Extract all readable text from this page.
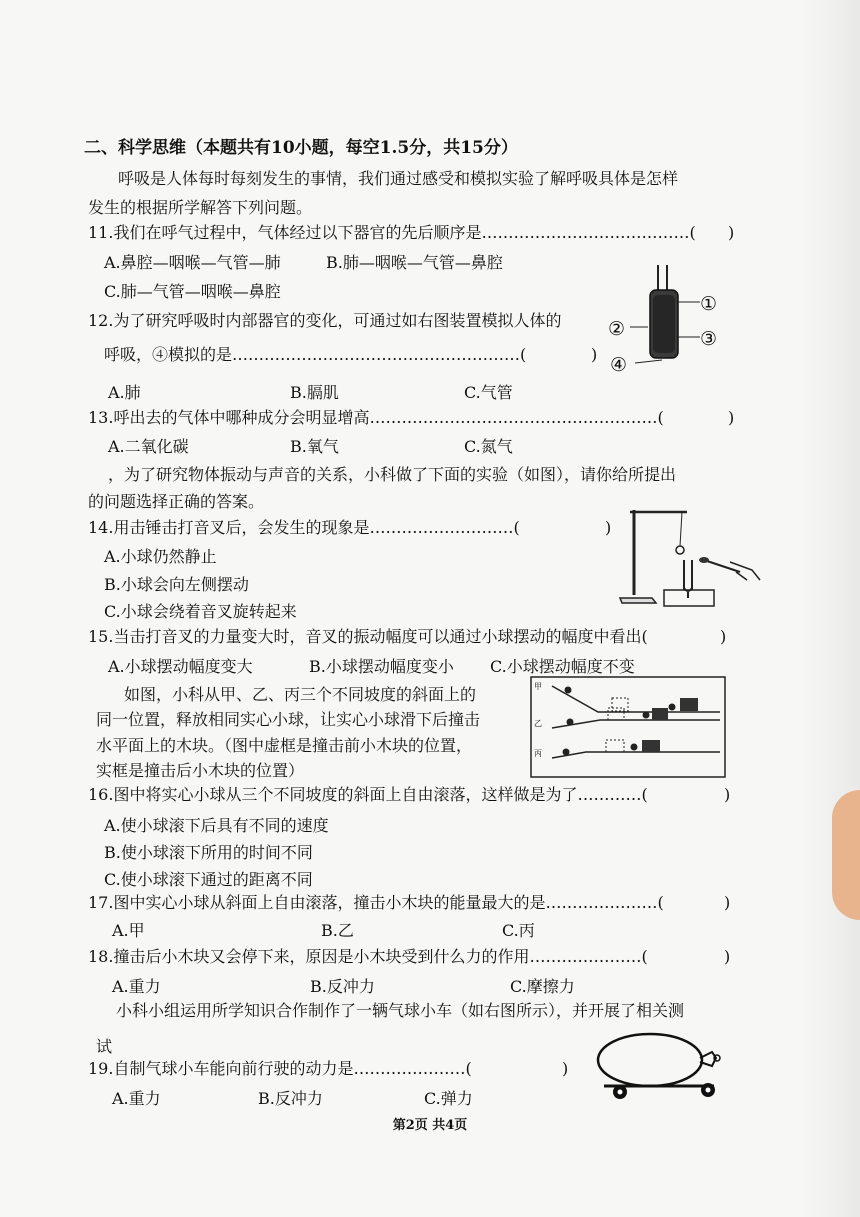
二、科学思维（本题共有10小题，每空1.5分，共15分）
呼吸是人体每时每刻发生的事情，我们通过感受和模拟实验了解呼吸具体是怎样
发生的根据所学解答下列问题。
11.我们在呼气过程中，气体经过以下器官的先后顺序是…………………………………( )
A.鼻腔—咽喉—气管—肺	B.肺—咽喉—气管—鼻腔
C.肺—气管—咽喉—鼻腔
12.为了研究呼吸时内部器官的变化，可通过如右图装置模拟人体的
呼吸，④模拟的是………………………………………………(	)
A.肺	B.膈肌	C.气管
①
②	③
④
13.呼出去的气体中哪种成分会明显增高………………………………………………(	)
A.二氧化碳	B.氧气	C.氮气
，为了研究物体振动与声音的关系，小科做了下面的实验（如图），请你给所提出
的问题选择正确的答案。
14.用击锤击打音叉后，会发生的现象是………………………(	)
A.小球仍然静止
B.小球会向左侧摆动
C.小球会绕着音叉旋转起来
15.当击打音叉的力量变大时，音叉的振动幅度可以通过小球摆动的幅度中看出(	)
A.小球摆动幅度变大	B.小球摆动幅度变小 C.小球摆动幅度不变
如图，小科从甲、乙、丙三个不同坡度的斜面上的
同一位置，释放相同实心小球，让实心小球滑下后撞击
水平面上的木块。（图中虚框是撞击前小木块的位置，
实框是撞击后小木块的位置）
甲
乙
丙
16.图中将实心小球从三个不同坡度的斜面上自由滚落，这样做是为了…………(	)
A.使小球滚下后具有不同的速度
B.使小球滚下所用的时间不同
C.使小球滚下通过的距离不同
17.图中实心小球从斜面上自由滚落，撞击小木块的能量最大的是…………………(	)
A.甲	B.乙	C.丙
18.撞击后小木块又会停下来，原因是小木块受到什么力的作用…………………(	)
A.重力	B.反冲力	C.摩擦力
小科小组运用所学知识合作制作了一辆气球小车（如右图所示），并开展了相关测
试
19.自制气球小车能向前行驶的动力是…………………(	)
A.重力	B.反冲力	C.弹力
第2页 共4页
